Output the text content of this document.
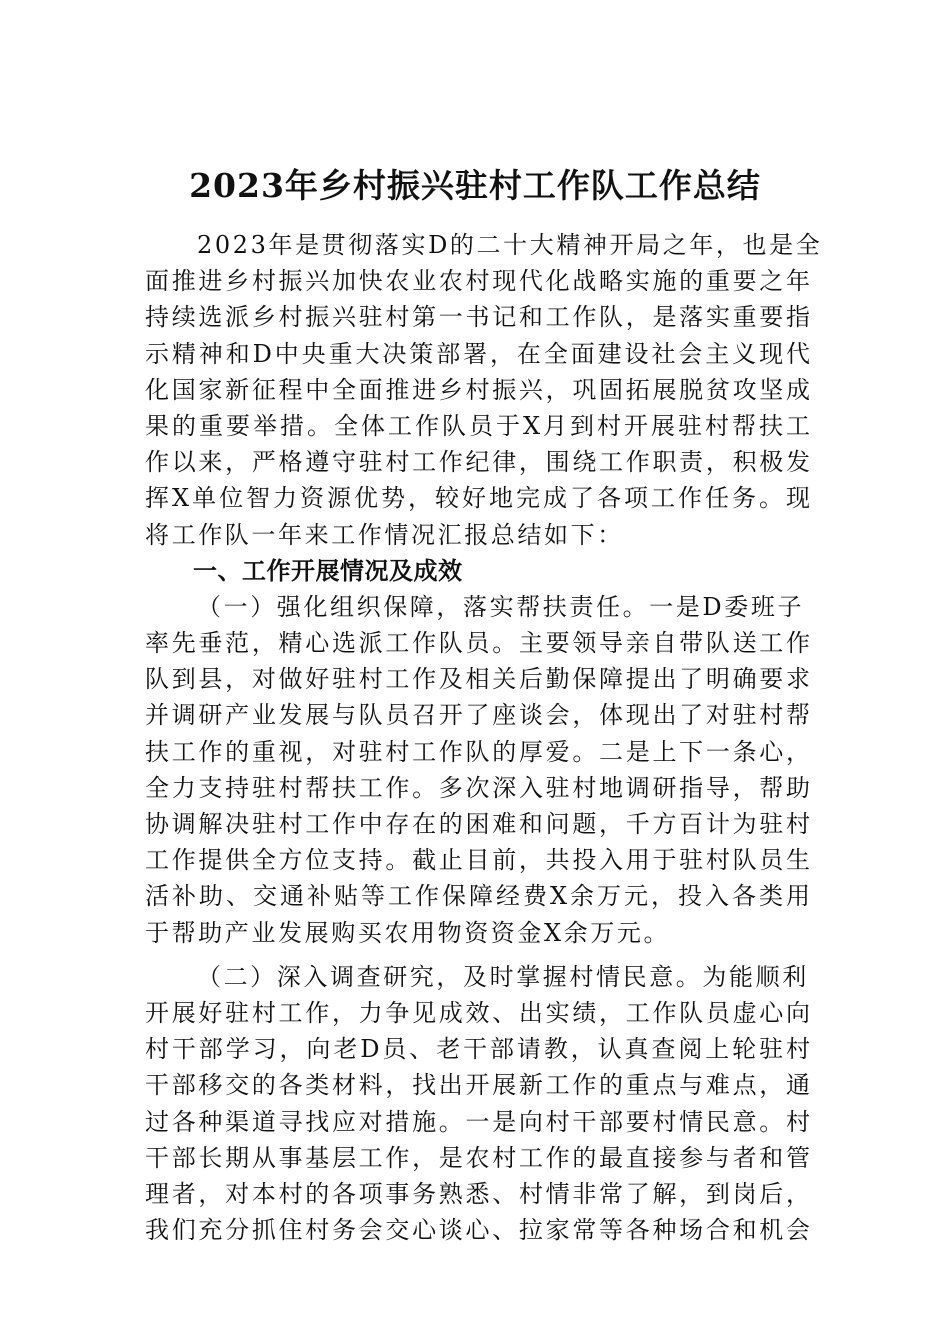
2023年乡村振兴驻村工作队工作总结
2023年是贯彻落实D的二十大精神开局之年，也是全
面推进乡村振兴加快农业农村现代化战略实施的重要之年
持续选派乡村振兴驻村第一书记和工作队，是落实重要指
示精神和D中央重大决策部署，在全面建设社会主义现代
化国家新征程中全面推进乡村振兴，巩固拓展脱贫攻坚成
果的重要举措。全体工作队员于X月到村开展驻村帮扶工
作以来，严格遵守驻村工作纪律，围绕工作职责，积极发
挥X单位智力资源优势，较好地完成了各项工作任务。现
将工作队一年来工作情况汇报总结如下：
一、工作开展情况及成效
（一）强化组织保障，落实帮扶责任。一是D委班子
率先垂范，精心选派工作队员。主要领导亲自带队送工作
队到县，对做好驻村工作及相关后勤保障提出了明确要求
并调研产业发展与队员召开了座谈会，体现出了对驻村帮
扶工作的重视，对驻村工作队的厚爱。二是上下一条心，
全力支持驻村帮扶工作。多次深入驻村地调研指导，帮助
协调解决驻村工作中存在的困难和问题，千方百计为驻村
工作提供全方位支持。截止目前，共投入用于驻村队员生
活补助、交通补贴等工作保障经费X余万元，投入各类用
于帮助产业发展购买农用物资资金X余万元。
（二）深入调查研究，及时掌握村情民意。为能顺利
开展好驻村工作，力争见成效、出实绩，工作队员虚心向
村干部学习，向老D员、老干部请教，认真查阅上轮驻村
干部移交的各类材料，找出开展新工作的重点与难点，通
过各种渠道寻找应对措施。一是向村干部要村情民意。村
干部长期从事基层工作，是农村工作的最直接参与者和管
理者，对本村的各项事务熟悉、村情非常了解，到岗后，
我们充分抓住村务会交心谈心、拉家常等各种场合和机会
